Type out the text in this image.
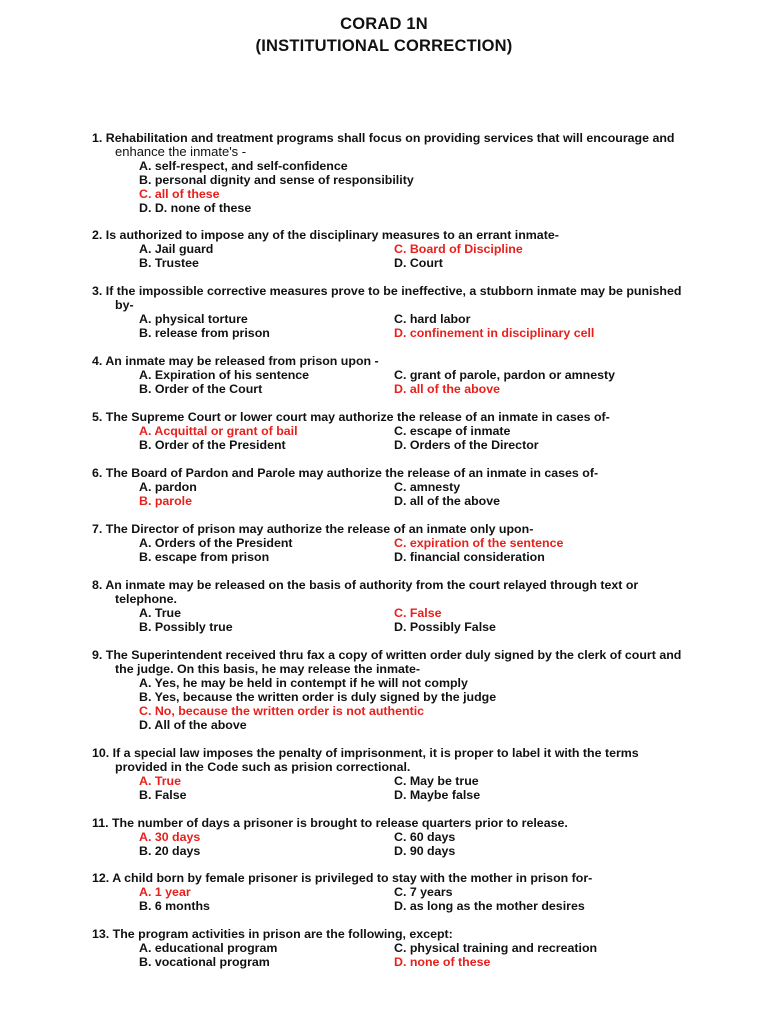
CORAD 1N
(INSTITUTIONAL CORRECTION)
1. Rehabilitation and treatment programs shall focus on providing services that will encourage and
enhance the inmate's -
A. self-respect, and self-confidence
B. personal dignity and sense of responsibility
C. all of these
D. D. none of these
2. Is authorized to impose any of the disciplinary measures to an errant inmate-
A. Jail guard	C. Board of Discipline
B. Trustee	D. Court
3. If the impossible corrective measures prove to be ineffective, a stubborn inmate may be punished
by-
A. physical torture	C. hard labor
B. release from prison	D. confinement in disciplinary cell
4. An inmate may be released from prison upon -
A. Expiration of his sentence	C. grant of parole, pardon or amnesty
B. Order of the Court	D. all of the above
5. The Supreme Court or lower court may authorize the release of an inmate in cases of-
A. Acquittal or grant of bail	C. escape of inmate
B. Order of the President	D. Orders of the Director
6. The Board of Pardon and Parole may authorize the release of an inmate in cases of-
A. pardon	C. amnesty
B. parole	D. all of the above
7. The Director of prison may authorize the release of an inmate only upon-
A. Orders of the President	C. expiration of the sentence
B. escape from prison	D. financial consideration
8. An inmate may be released on the basis of authority from the court relayed through text or
telephone.
A. True	C. False
B. Possibly true	D. Possibly False
9. The Superintendent received thru fax a copy of written order duly signed by the clerk of court and
the judge. On this basis, he may release the inmate-
A. Yes, he may be held in contempt if he will not comply
B. Yes, because the written order is duly signed by the judge
C. No, because the written order is not authentic
D. All of the above
10. If a special law imposes the penalty of imprisonment, it is proper to label it with the terms
provided in the Code such as prision correctional.
A. True	C. May be true
B. False	D. Maybe false
11. The number of days a prisoner is brought to release quarters prior to release.
A. 30 days	C. 60 days
B. 20 days	D. 90 days
12. A child born by female prisoner is privileged to stay with the mother in prison for-
A. 1 year	C. 7 years
B. 6 months	D. as long as the mother desires
13. The program activities in prison are the following, except:
A. educational program	C. physical training and recreation
B. vocational program	D. none of these
